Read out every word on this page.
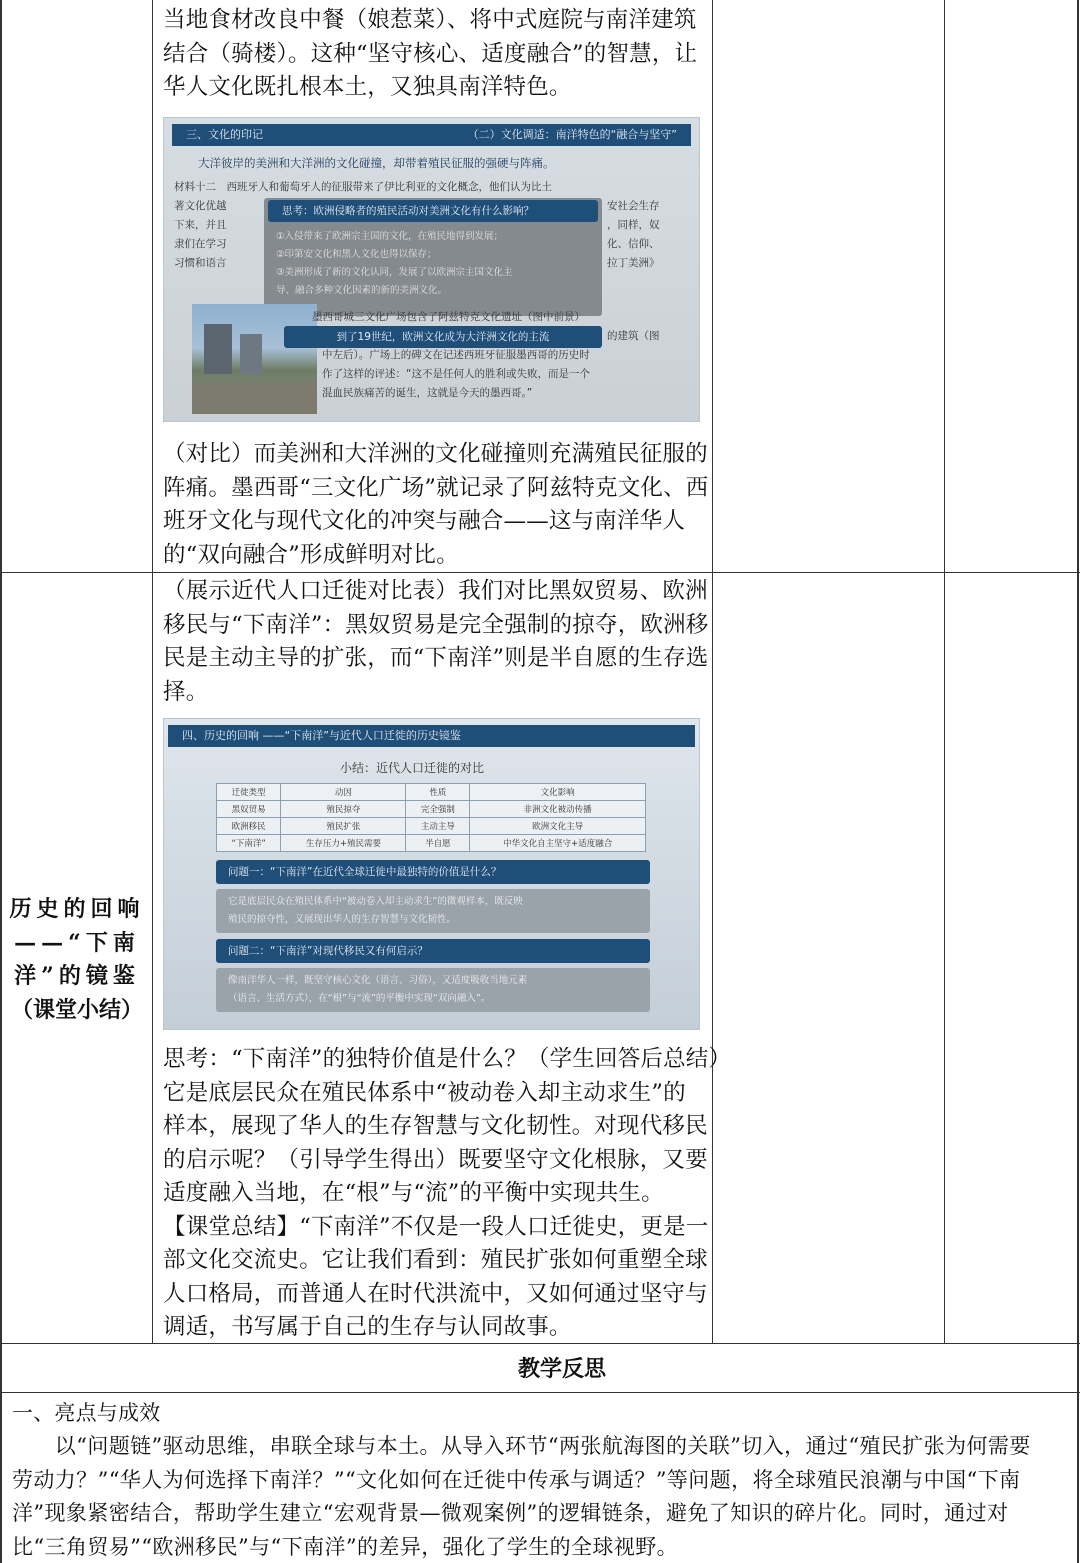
当地食材改良中餐（娘惹菜）、将中式庭院与南洋建筑

结合（骑楼）。这种“坚守核心、适度融合”的智慧，让

华人文化既扎根本土，又独具南洋特色。

三、文化的印记	（二）文化调适：南洋特色的“融合与坚守”
大洋彼岸的美洲和大洋洲的文化碰撞，却带着殖民征服的强硬与阵痛。
材料十二　西班牙人和葡萄牙人的征服带来了伊比利亚的文化概念，他们认为比土
著文化优越
下来，并且
隶们在学习
习惯和语言
安社会生存
，同样，奴
化、信仰、
拉丁美洲》
思考：欧洲侵略者的殖民活动对美洲文化有什么影响？
①入侵带来了欧洲宗主国的文化，在殖民地得到发展；
②印第安文化和黑人文化也得以保存；
③美洲形成了新的文化认同，发展了以欧洲宗主国文化主
导、融合多种文化因素的新的美洲文化。
到了19世纪，欧洲文化成为大洋洲文化的主流
墨西哥城三文化广场包含了阿兹特克文化遗址（图中前景）
的建筑（图
中左后）。广场上的碑文在记述西班牙征服墨西哥的历史时
作了这样的评述：“这不是任何人的胜利或失败，而是一个
混血民族痛苦的诞生，这就是今天的墨西哥。”

（对比）而美洲和大洋洲的文化碰撞则充满殖民征服的

阵痛。墨西哥“三文化广场”就记录了阿兹特克文化、西

班牙文化与现代文化的冲突与融合——这与南洋华人

的“双向融合”形成鲜明对比。

历史的回响
——“下南
洋”的镜鉴
（课堂小结）

（展示近代人口迁徙对比表）我们对比黑奴贸易、欧洲

移民与“下南洋”：黑奴贸易是完全强制的掠夺，欧洲移

民是主动主导的扩张，而“下南洋”则是半自愿的生存选

择。

四、历史的回响 ——“下南洋”与近代人口迁徙的历史镜鉴
小结：近代人口迁徙的对比
迁徙类型	动因	性质	文化影响
黑奴贸易	殖民掠夺	完全强制	非洲文化被动传播
欧洲移民	殖民扩张	主动主导	欧洲文化主导
“下南洋”	生存压力+殖民需要	半自愿	中华文化自主坚守+适度融合
问题一：“下南洋”在近代全球迁徙中最独特的价值是什么？
它是底层民众在殖民体系中“被动卷入却主动求生”的微观样本，既反映
殖民的掠夺性，又展现出华人的生存智慧与文化韧性。
问题二：“下南洋”对现代移民又有何启示？
像南洋华人一样，既坚守核心文化（语言、习俗），又适度吸收当地元素
（语言、生活方式），在“根”与“流”的平衡中实现“双向融入”。

思考：“下南洋”的独特价值是什么？（学生回答后总结）

它是底层民众在殖民体系中“被动卷入却主动求生”的

样本，展现了华人的生存智慧与文化韧性。对现代移民

的启示呢？（引导学生得出）既要坚守文化根脉，又要

适度融入当地，在“根”与“流”的平衡中实现共生。

【课堂总结】“下南洋”不仅是一段人口迁徙史，更是一

部文化交流史。它让我们看到：殖民扩张如何重塑全球

人口格局，而普通人在时代洪流中，又如何通过坚守与

调适，书写属于自己的生存与认同故事。

教学反思
一、亮点与成效

　　以“问题链”驱动思维，串联全球与本土。从导入环节“两张航海图的关联”切入，通过“殖民扩张为何需要

劳动力？”“华人为何选择下南洋？”“文化如何在迁徙中传承与调适？”等问题，将全球殖民浪潮与中国“下南

洋”现象紧密结合，帮助学生建立“宏观背景—微观案例”的逻辑链条，避免了知识的碎片化。同时，通过对

比“三角贸易”“欧洲移民”与“下南洋”的差异，强化了学生的全球视野。
